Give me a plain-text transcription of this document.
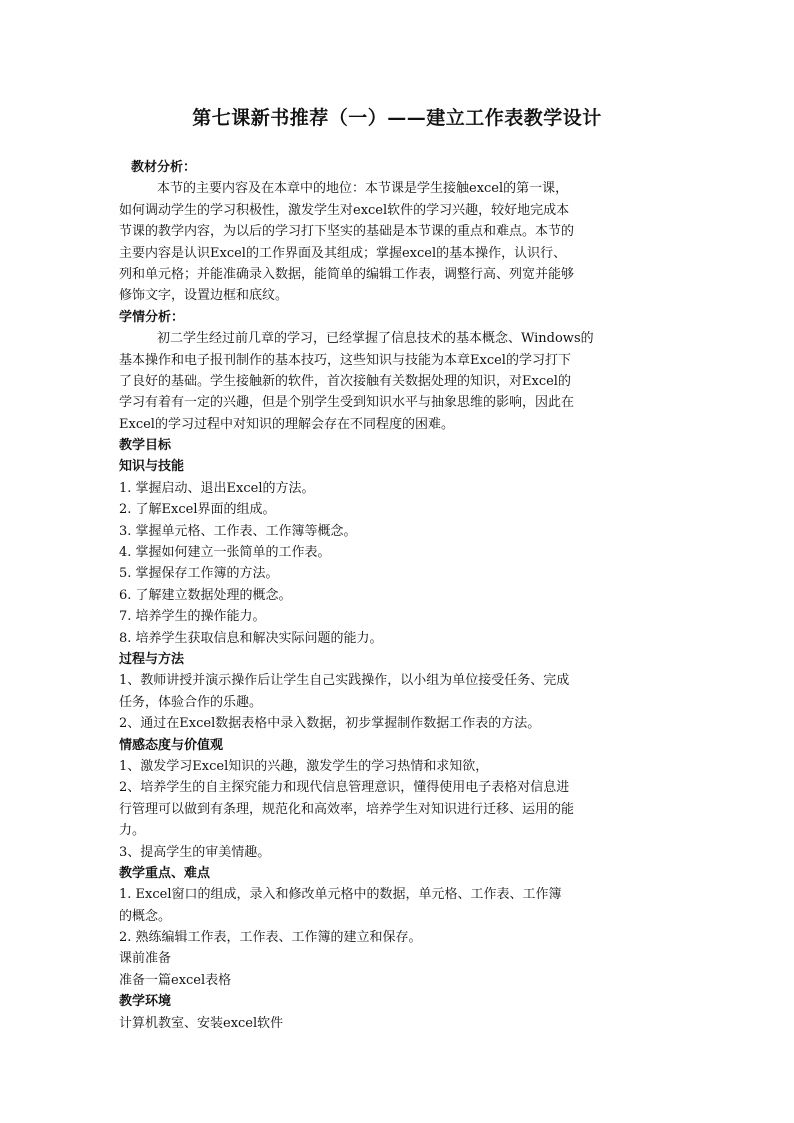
第七课新书推荐（一）——建立工作表教学设计
教材分析：
本节的主要内容及在本章中的地位：本节课是学生接触excel的第一课，
如何调动学生的学习积极性，激发学生对excel软件的学习兴趣，较好地完成本
节课的教学内容，为以后的学习打下坚实的基础是本节课的重点和难点。本节的
主要内容是认识Excel的工作界面及其组成；掌握excel的基本操作，认识行、
列和单元格；并能准确录入数据，能简单的编辑工作表，调整行高、列宽并能够
修饰文字，设置边框和底纹。
学情分析：
初二学生经过前几章的学习，已经掌握了信息技术的基本概念、Windows的
基本操作和电子报刊制作的基本技巧，这些知识与技能为本章Excel的学习打下
了良好的基础。学生接触新的软件，首次接触有关数据处理的知识，对Excel的
学习有着有一定的兴趣，但是个别学生受到知识水平与抽象思维的影响，因此在
Excel的学习过程中对知识的理解会存在不同程度的困难。
教学目标
知识与技能
1. 掌握启动、退出Excel的方法。
2. 了解Excel界面的组成。
3. 掌握单元格、工作表、工作簿等概念。
4. 掌握如何建立一张简单的工作表。
5. 掌握保存工作簿的方法。
6. 了解建立数据处理的概念。
7. 培养学生的操作能力。
8. 培养学生获取信息和解决实际问题的能力。
过程与方法
1、教师讲授并演示操作后让学生自己实践操作，以小组为单位接受任务、完成
任务，体验合作的乐趣。
2、通过在Excel数据表格中录入数据，初步掌握制作数据工作表的方法。
情感态度与价值观
1、激发学习Excel知识的兴趣，激发学生的学习热情和求知欲，
2、培养学生的自主探究能力和现代信息管理意识，懂得使用电子表格对信息进
行管理可以做到有条理，规范化和高效率，培养学生对知识进行迁移、运用的能
力。
3、提高学生的审美情趣。
教学重点、难点
1. Excel窗口的组成，录入和修改单元格中的数据，单元格、工作表、工作簿
的概念。
2. 熟练编辑工作表，工作表、工作簿的建立和保存。
课前准备
准备一篇excel表格
教学环境
计算机教室、安装excel软件
